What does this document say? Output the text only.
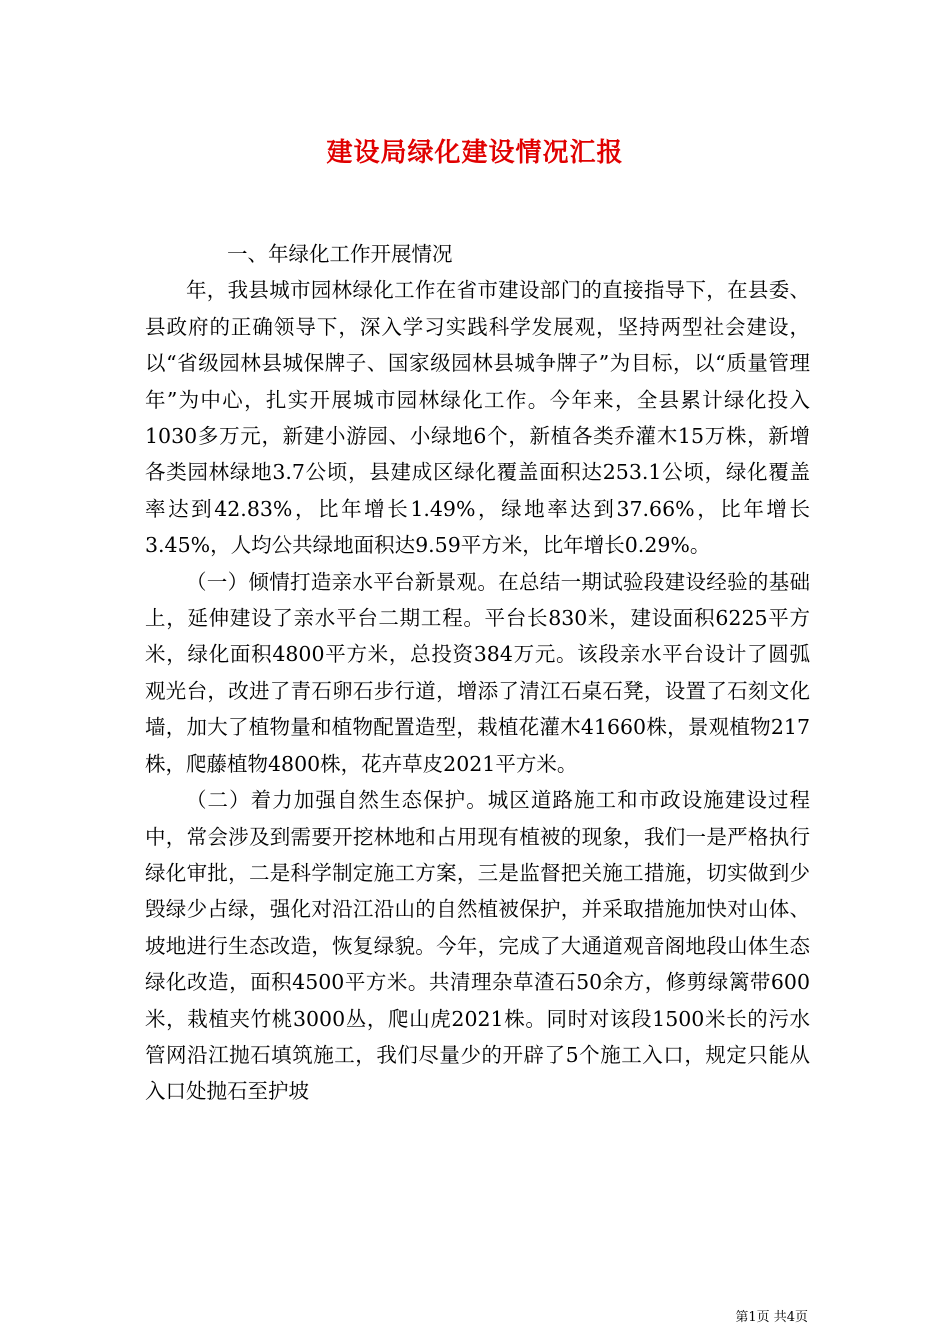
建设局绿化建设情况汇报

一、年绿化工作开展情况

年，我县城市园林绿化工作在省市建设部门的直接指导下，在县委、县政府的正确领导下，深入学习实践科学发展观，坚持两型社会建设，以“省级园林县城保牌子、国家级园林县城争牌子”为目标，以“质量管理年”为中心，扎实开展城市园林绿化工作。今年来，全县累计绿化投入1030多万元，新建小游园、小绿地6个，新植各类乔灌木15万株，新增各类园林绿地3.7公顷，县建成区绿化覆盖面积达253.1公顷，绿化覆盖率达到42.83%，比年增长1.49%，绿地率达到37.66%，比年增长3.45%，人均公共绿地面积达9.59平方米，比年增长0.29%。

（一）倾情打造亲水平台新景观。在总结一期试验段建设经验的基础上，延伸建设了亲水平台二期工程。平台长830米，建设面积6225平方米，绿化面积4800平方米，总投资384万元。该段亲水平台设计了圆弧观光台，改进了青石卵石步行道，增添了清江石桌石凳，设置了石刻文化墙，加大了植物量和植物配置造型，栽植花灌木41660株，景观植物217株，爬藤植物4800株，花卉草皮2021平方米。

（二）着力加强自然生态保护。城区道路施工和市政设施建设过程中，常会涉及到需要开挖林地和占用现有植被的现象，我们一是严格执行绿化审批，二是科学制定施工方案，三是监督把关施工措施，切实做到少毁绿少占绿，强化对沿江沿山的自然植被保护，并采取措施加快对山体、坡地进行生态改造，恢复绿貌。今年，完成了大通道观音阁地段山体生态绿化改造，面积4500平方米。共清理杂草渣石50余方，修剪绿篱带600米，栽植夹竹桃3000丛，爬山虎2021株。同时对该段1500米长的污水管网沿江抛石填筑施工，我们尽量少的开辟了5个施工入口，规定只能从入口处抛石至护坡

第1页 共4页
